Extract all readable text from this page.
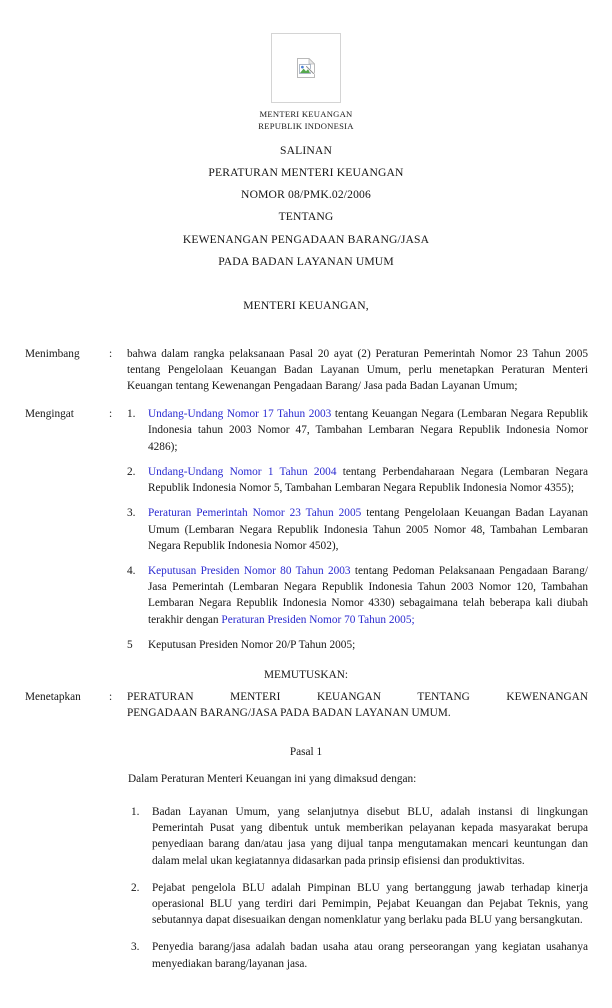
MENTERI KEUANGAN
REPUBLIK INDONESIA
SALINAN
PERATURAN MENTERI KEUANGAN
NOMOR 08/PMK.02/2006
TENTANG
KEWENANGAN PENGADAAN BARANG/JASA
PADA BADAN LAYANAN UMUM
MENTERI KEUANGAN,
Menimbang	:	bahwa dalam rangka pelaksanaan Pasal 20 ayat (2) Peraturan Pemerintah Nomor 23 Tahun 2005 tentang Pengelolaan Keuangan Badan Layanan Umum, perlu menetapkan Peraturan Menteri Keuangan tentang Kewenangan Pengadaan Barang/ Jasa pada Badan Layanan Umum;
Mengingat	:	1.	Undang-Undang Nomor 17 Tahun 2003 tentang Keuangan Negara (Lembaran Negara Republik Indonesia tahun 2003 Nomor 47, Tambahan Lembaran Negara Republik Indonesia Nomor 4286);
2.	Undang-Undang Nomor 1 Tahun 2004 tentang Perbendaharaan Negara (Lembaran Negara Republik Indonesia Nomor 5, Tambahan Lembaran Negara Republik Indonesia Nomor 4355);
3.	Peraturan Pemerintah Nomor 23 Tahun 2005 tentang Pengelolaan Keuangan Badan Layanan Umum (Lembaran Negara Republik Indonesia Tahun 2005 Nomor 48, Tambahan Lembaran Negara Republik Indonesia Nomor 4502),
4.	Keputusan Presiden Nomor 80 Tahun 2003 tentang Pedoman Pelaksanaan Pengadaan Barang/ Jasa Pemerintah (Lembaran Negara Republik Indonesia Tahun 2003 Nomor 120, Tambahan Lembaran Negara Republik Indonesia Nomor 4330) sebagaimana telah beberapa kali diubah terakhir dengan Peraturan Presiden Nomor 70 Tahun 2005;
5	Keputusan Presiden Nomor 20/P Tahun 2005;
MEMUTUSKAN:
Menetapkan	:	PERATURAN MENTERI KEUANGAN TENTANG KEWENANGAN
PENGADAAN BARANG/JASA PADA BADAN LAYANAN UMUM.
Pasal 1
Dalam Peraturan Menteri Keuangan ini yang dimaksud dengan:
1.	Badan Layanan Umum, yang selanjutnya disebut BLU, adalah instansi di lingkungan Pemerintah Pusat yang dibentuk untuk memberikan pelayanan kepada masyarakat berupa penyediaan barang dan/atau jasa yang dijual tanpa mengutamakan mencari keuntungan dan dalam melal ukan kegiatannya didasarkan pada prinsip efisiensi dan produktivitas.
2.	Pejabat pengelola BLU adalah Pimpinan BLU yang bertanggung jawab terhadap kinerja operasional BLU yang terdiri dari Pemimpin, Pejabat Keuangan dan Pejabat Teknis, yang sebutannya dapat disesuaikan dengan nomenklatur yang berlaku pada BLU yang bersangkutan.
3.	Penyedia barang/jasa adalah badan usaha atau orang perseorangan yang kegiatan usahanya menyediakan barang/layanan jasa.
